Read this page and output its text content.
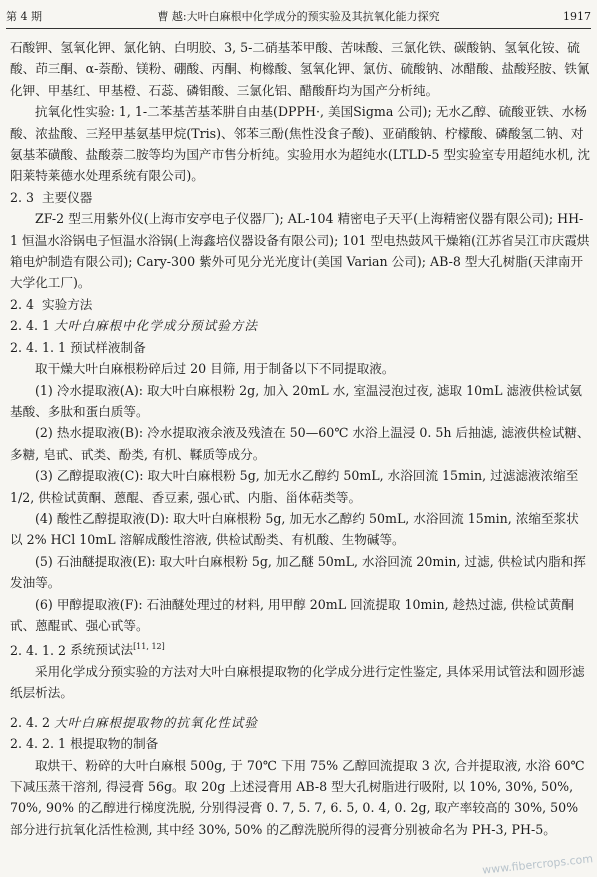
第 4 期	曹 越:大叶白麻根中化学成分的预实验及其抗氧化能力探究	1917

石酸钾、氢氧化钾、氯化钠、白明胶、3, 5-二硝基苯甲酸、苦味酸、三氯化铁、碳酸钠、氢氧化铵、硫酸、茚三酮、α-萘酚、镁粉、硼酸、丙酮、枸橼酸、氢氧化钾、氯仿、硫酸钠、冰醋酸、盐酸羟胺、铁氰化钾、甲基红、甲基橙、石蕊、磷钼酸、三氯化铝、醋酸酐均为国产分析纯。

抗氧化性实验: 1, 1-二苯基苦基苯肼自由基(DPPH·, 美国Sigma 公司); 无水乙醇、硫酸亚铁、水杨酸、浓盐酸、三羟甲基氨基甲烷(Tris)、邻苯三酚(焦性没食子酸)、亚硝酸钠、柠檬酸、磷酸氢二钠、对氨基苯磺酸、盐酸萘二胺等均为国产市售分析纯。实验用水为超纯水(LTLD-5 型实验室专用超纯水机, 沈阳莱特莱德水处理系统有限公司)。

2. 3 主要仪器

ZF-2 型三用紫外仪(上海市安亭电子仪器厂); AL-104 精密电子天平(上海精密仪器有限公司); HH-1 恒温水浴锅电子恒温水浴锅(上海鑫培仪器设备有限公司); 101 型电热鼓风干燥箱(江苏省吴江市庆霞烘箱电炉制造有限公司); Cary-300 紫外可见分光光度计(美国 Varian 公司); AB-8 型大孔树脂(天津南开大学化工厂)。

2. 4 实验方法
2. 4. 1 大叶白麻根中化学成分预试验方法
2. 4. 1. 1 预试样液制备

取干燥大叶白麻根粉碎后过 20 目筛, 用于制备以下不同提取液。

(1) 冷水提取液(A): 取大叶白麻根粉 2g, 加入 20mL 水, 室温浸泡过夜, 滤取 10mL 滤液供检试氨基酸、多肽和蛋白质等。

(2) 热水提取液(B): 冷水提取液余液及残渣在 50—60℃ 水浴上温浸 0. 5h 后抽滤, 滤液供检试糖、多糖, 皂甙、甙类、酚类, 有机、鞣质等成分。

(3) 乙醇提取液(C): 取大叶白麻根粉 5g, 加无水乙醇约 50mL, 水浴回流 15min, 过滤滤液浓缩至 1/2, 供检试黄酮、蒽醌、香豆素, 强心甙、内脂、甾体萜类等。

(4) 酸性乙醇提取液(D): 取大叶白麻根粉 5g, 加无水乙醇约 50mL, 水浴回流 15min, 浓缩至浆状以 2% HCl 10mL 溶解成酸性溶液, 供检试酚类、有机酸、生物碱等。

(5) 石油醚提取液(E): 取大叶白麻根粉 5g, 加乙醚 50mL, 水浴回流 20min, 过滤, 供检试内脂和挥发油等。

(6) 甲醇提取液(F): 石油醚处理过的材料, 用甲醇 20mL 回流提取 10min, 趁热过滤, 供检试黄酮甙、蒽醌甙、强心甙等。

2. 4. 1. 2 系统预试法[11, 12]

采用化学成分预实验的方法对大叶白麻根提取物的化学成分进行定性鉴定, 具体采用试管法和圆形滤纸层析法。

2. 4. 2 大叶白麻根提取物的抗氧化性试验
2. 4. 2. 1 根提取物的制备

取烘干、粉碎的大叶白麻根 500g, 于 70℃ 下用 75% 乙醇回流提取 3 次, 合并提取液, 水浴 60℃ 下减压蒸干溶剂, 得浸膏 56g。取 20g 上述浸膏用 AB-8 型大孔树脂进行吸附, 以 10%, 30%, 50%, 70%, 90% 的乙醇进行梯度洗脱, 分别得浸膏 0. 7, 5. 7, 6. 5, 0. 4, 0. 2g, 取产率较高的 30%, 50% 部分进行抗氧化活性检测, 其中经 30%, 50% 的乙醇洗脱所得的浸膏分别被命名为 PH-3, PH-5。

www.fibercrops.com
